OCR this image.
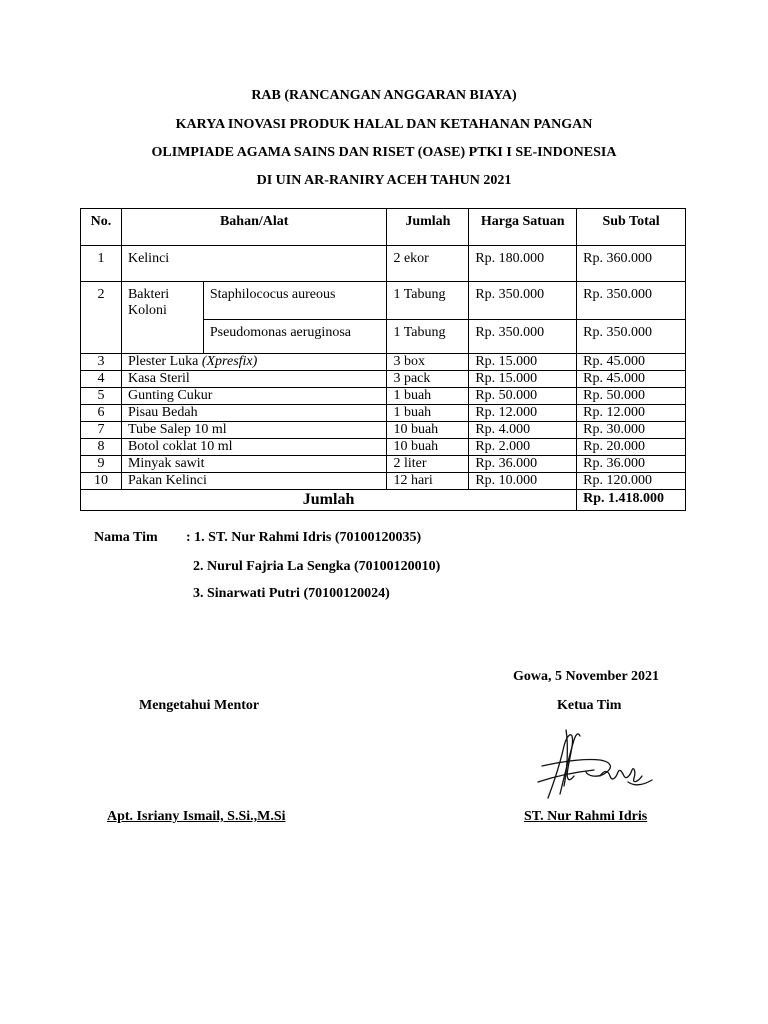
RAB (RANCANGAN ANGGARAN BIAYA)
KARYA INOVASI PRODUK HALAL DAN KETAHANAN PANGAN
OLIMPIADE AGAMA SAINS DAN RISET (OASE) PTKI I SE-INDONESIA
DI UIN AR-RANIRY ACEH TAHUN 2021
No.	Bahan/Alat		Jumlah	Harga Satuan	Sub Total
1	Kelinci		2 ekor	Rp. 180.000	Rp. 360.000
2	Bakteri Koloni	Staphilococus aureous	1 Tabung	Rp. 350.000	Rp. 350.000
		Pseudomonas aeruginosa	1 Tabung	Rp. 350.000	Rp. 350.000
3	Plester Luka (Xpresfix)		3 box	Rp. 15.000	Rp. 45.000
4	Kasa Steril		3 pack	Rp. 15.000	Rp. 45.000
5	Gunting Cukur		1 buah	Rp. 50.000	Rp. 50.000
6	Pisau Bedah		1 buah	Rp. 12.000	Rp. 12.000
7	Tube Salep 10 ml		10 buah	Rp. 4.000	Rp. 30.000
8	Botol coklat 10 ml		10 buah	Rp. 2.000	Rp. 20.000
9	Minyak sawit		2 liter	Rp. 36.000	Rp. 36.000
10	Pakan Kelinci		12 hari	Rp. 10.000	Rp. 120.000
Jumlah					Rp. 1.418.000
Nama Tim : 1. ST. Nur Rahmi Idris (70100120035)
2. Nurul Fajria La Sengka (70100120010)
3. Sinarwati Putri (70100120024)
Gowa, 5 November 2021
Mengetahui Mentor	Ketua Tim
Apt. Isriany Ismail, S.Si.,M.Si	ST. Nur Rahmi Idris
